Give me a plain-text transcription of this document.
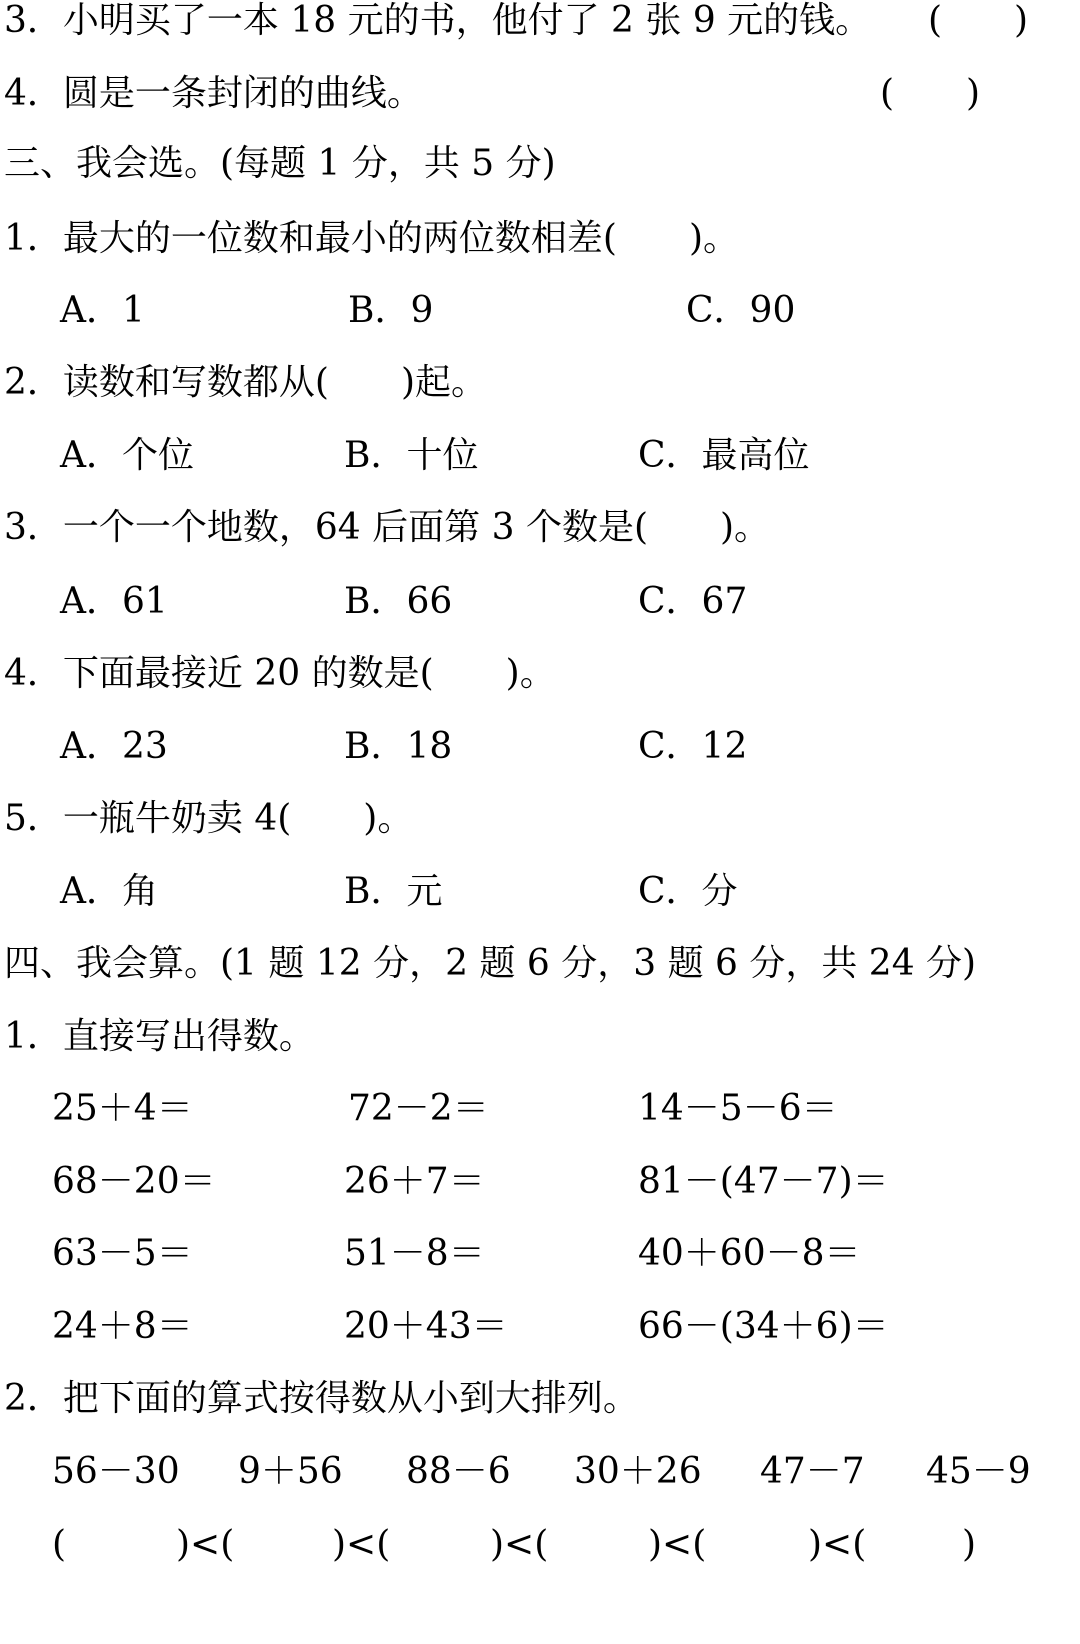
3．小明买了一本 18 元的书，他付了 2 张 9 元的钱。 (　　)
4．圆是一条封闭的曲线。	(　　)
三、我会选。(每题 1 分，共 5 分)
1．最大的一位数和最小的两位数相差(　　)。
A．1	B．9	C．90
2．读数和写数都从(　　)起。
A．个位	B．十位	C．最高位
3．一个一个地数，64 后面第 3 个数是(　　)。
A．61	B．66	C．67
4．下面最接近 20 的数是(　　)。
A．23	B．18	C．12
5．一瓶牛奶卖 4(　　)。
A．角	B．元	C．分
四、我会算。(1 题 12 分，2 题 6 分，3 题 6 分，共 24 分)
1．直接写出得数。
25＋4＝	72－2＝	14－5－6＝
68－20＝	26＋7＝	81－(47－7)＝
63－5＝	51－8＝	40＋60－8＝
24＋8＝	20＋43＝	66－(34＋6)＝
2．把下面的算式按得数从小到大排列。
56－30 9＋56 88－6 30＋26 47－7 45－9
(	)<(	)<(	)<(	)<(	)<(	)
